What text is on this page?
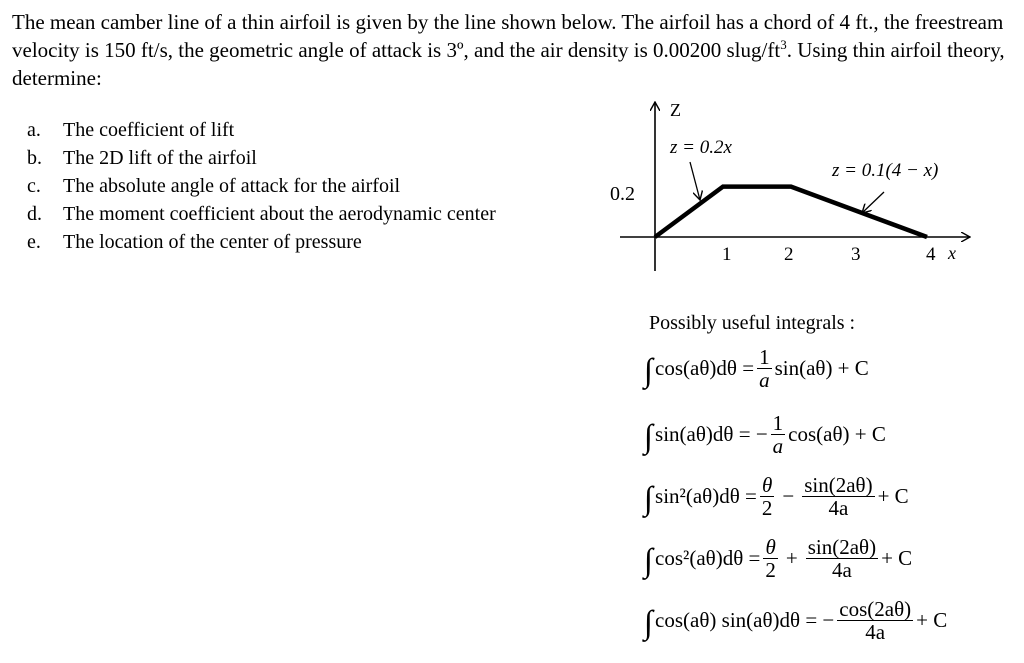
The mean camber line of a thin airfoil is given by the line shown below. The airfoil has a chord of 4 ft., the freestream velocity is 150 ft/s, the geometric angle of attack is 3º, and the air density is 0.00200 slug/$ft^3$. Using thin airfoil theory, determine:

a.	The coefficient of lift
b.	The 2D lift of the airfoil
c.	The absolute angle of attack for the airfoil
d.	The moment coefficient about the aerodynamic center
e.	The location of the center of pressure
Z
x
0.2
1	2	3	4
z = 0.2x
z = 0.1(4 − x)

Possibly useful integrals :

∫ $\cos(a\theta)d\theta = \frac{1}{a} \sin(a\theta) + C$
∫ sin(aθ)dθ = − $\frac{1}{a} \cos(a\theta) + C$
∫ $\sin^2(a\theta)d\theta = \frac{\theta}{2} - \frac{\sin(2a\theta)}{4a} + C$
∫ $\cos^2(a\theta)d\theta = \frac{\theta}{2} + \frac{\sin(2a\theta)}{4a} + C$
∫ cos(aθ) sin(aθ)dθ = − $\frac{\cos(2a\theta)}{4a} + C$
